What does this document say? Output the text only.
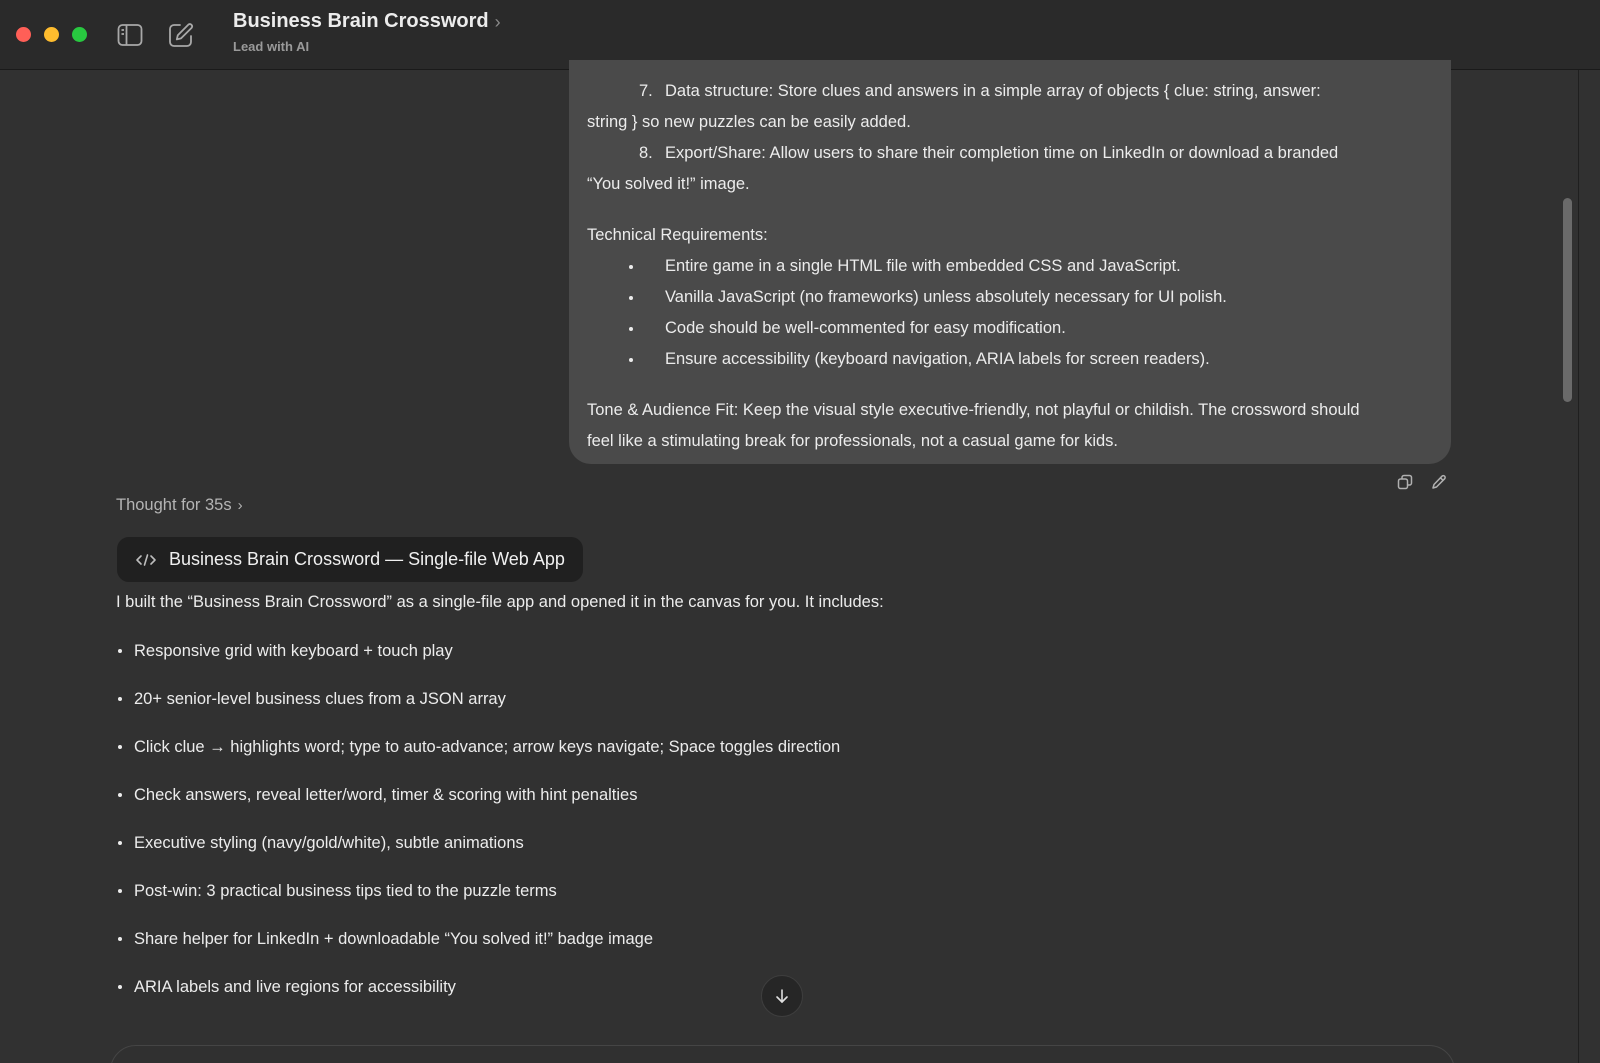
Business Brain Crossword ›
Lead with AI
7. Data structure: Store clues and answers in a simple array of objects { clue: string, answer:
string } so new puzzles can be easily added.
8. Export/Share: Allow users to share their completion time on LinkedIn or download a branded
“You solved it!” image.
Technical Requirements:
Entire game in a single HTML file with embedded CSS and JavaScript.
Vanilla JavaScript (no frameworks) unless absolutely necessary for UI polish.
Code should be well-commented for easy modification.
Ensure accessibility (keyboard navigation, ARIA labels for screen readers).
Tone & Audience Fit: Keep the visual style executive-friendly, not playful or childish. The crossword should
feel like a stimulating break for professionals, not a casual game for kids.
Thought for 35s ›
Business Brain Crossword — Single-file Web App
I built the “Business Brain Crossword” as a single-file app and opened it in the canvas for you. It includes:
Responsive grid with keyboard + touch play
20+ senior-level business clues from a JSON array
Click clue → highlights word; type to auto-advance; arrow keys navigate; Space toggles direction
Check answers, reveal letter/word, timer & scoring with hint penalties
Executive styling (navy/gold/white), subtle animations
Post-win: 3 practical business tips tied to the puzzle terms
Share helper for LinkedIn + downloadable “You solved it!” badge image
ARIA labels and live regions for accessibility
